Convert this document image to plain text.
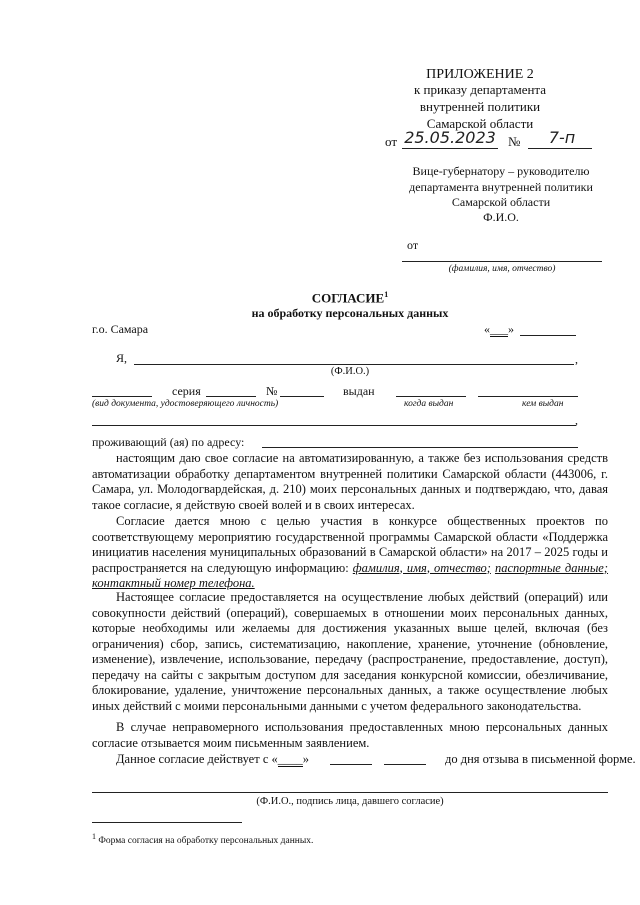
ПРИЛОЖЕНИЕ 2
к приказу департамента
внутренней политики
Самарской области
от 25.05.2023 №	7-п
Вице-губернатору – руководителю
департамента внутренней политики
Самарской области
Ф.И.О.
от
(фамилия, имя, отчество)
СОГЛАСИЕ$^1$
на обработку персональных данных
г.о. Самара	«___»
Я,	,
(Ф.И.О.)
серия	№	выдан
(вид документа, удостоверяющего личность)	когда выдан	кем выдан
,
проживающий (ая) по адресу:
настоящим даю свое согласие на автоматизированную, а также без использования средств автоматизации обработку департаментом внутренней политики Самарской области (443006, г. Самара, ул. Молодогвардейская, д. 210) моих персональных данных и подтверждаю, что, давая такое согласие, я действую своей волей и в своих интересах.
Согласие дается мною с целью участия в конкурсе общественных проектов по соответствующему мероприятию государственной программы Самарской области «Поддержка инициатив населения муниципальных образований в Самарской области» на 2017 – 2025 годы и распространяется на следующую информацию: фамилия, имя, отчество; паспортные данные; контактный номер телефона.
Настоящее согласие предоставляется на осуществление любых действий (операций) или совокупности действий (операций), совершаемых в отношении моих персональных данных, которые необходимы или желаемы для достижения указанных выше целей, включая (без ограничения) сбор, запись, систематизацию, накопление, хранение, уточнение (обновление, изменение), извлечение, использование, передачу (распространение, предоставление, доступ), передачу на сайты с закрытым доступом для заседания конкурсной комиссии, обезличивание, блокирование, удаление, уничтожение персональных данных, а также осуществление любых иных действий с моими персональными данными с учетом федерального законодательства.
В случае неправомерного использования предоставленных мною персональных данных согласие отзывается моим письменным заявлением.
Данное согласие действует с «____»	до дня отзыва в письменной форме.
(Ф.И.О., подпись лица, давшего согласие)
$^1$ Форма согласия на обработку персональных данных.
